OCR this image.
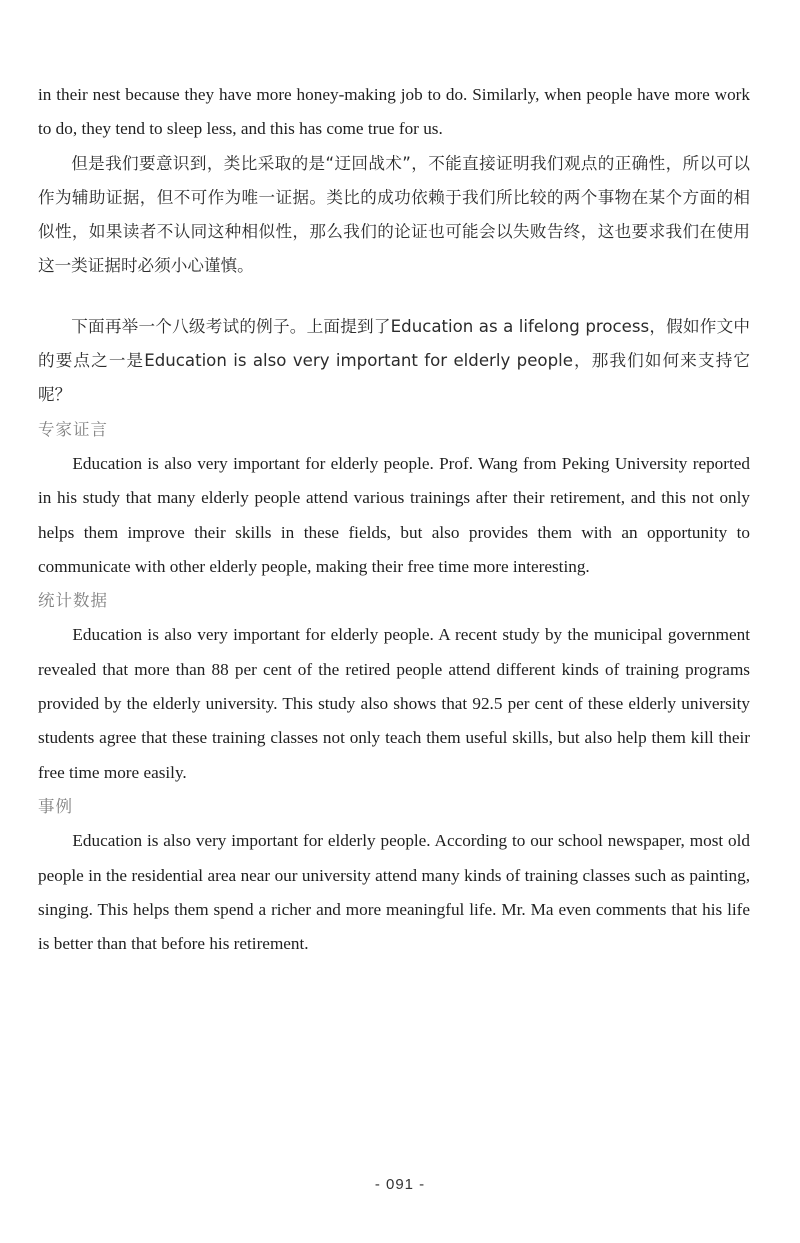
in their nest because they have more honey-making job to do. Similarly, when people have more work to do, they tend to sleep less, and this has come true for us.

但是我们要意识到，类比采取的是“迂回战术”，不能直接证明我们观点的正确性，所以可以作为辅助证据，但不可作为唯一证据。类比的成功依赖于我们所比较的两个事物在某个方面的相似性，如果读者不认同这种相似性，那么我们的论证也可能会以失败告终，这也要求我们在使用这一类证据时必须小心谨慎。

下面再举一个八级考试的例子。上面提到了Education as a lifelong process，假如作文中的要点之一是Education is also very important for elderly people，那我们如何来支持它呢？

专家证言

Education is also very important for elderly people. Prof. Wang from Peking University reported in his study that many elderly people attend various trainings after their retirement, and this not only helps them improve their skills in these fields, but also provides them with an opportunity to communicate with other elderly people, making their free time more interesting.

统计数据

Education is also very important for elderly people. A recent study by the municipal government revealed that more than 88 per cent of the retired people attend different kinds of training programs provided by the elderly university. This study also shows that 92.5 per cent of these elderly university students agree that these training classes not only teach them useful skills, but also help them kill their free time more easily.

事例

Education is also very important for elderly people. According to our school newspaper, most old people in the residential area near our university attend many kinds of training classes such as painting, singing. This helps them spend a richer and more meaningful life. Mr. Ma even comments that his life is better than that before his retirement.

- 091 -
